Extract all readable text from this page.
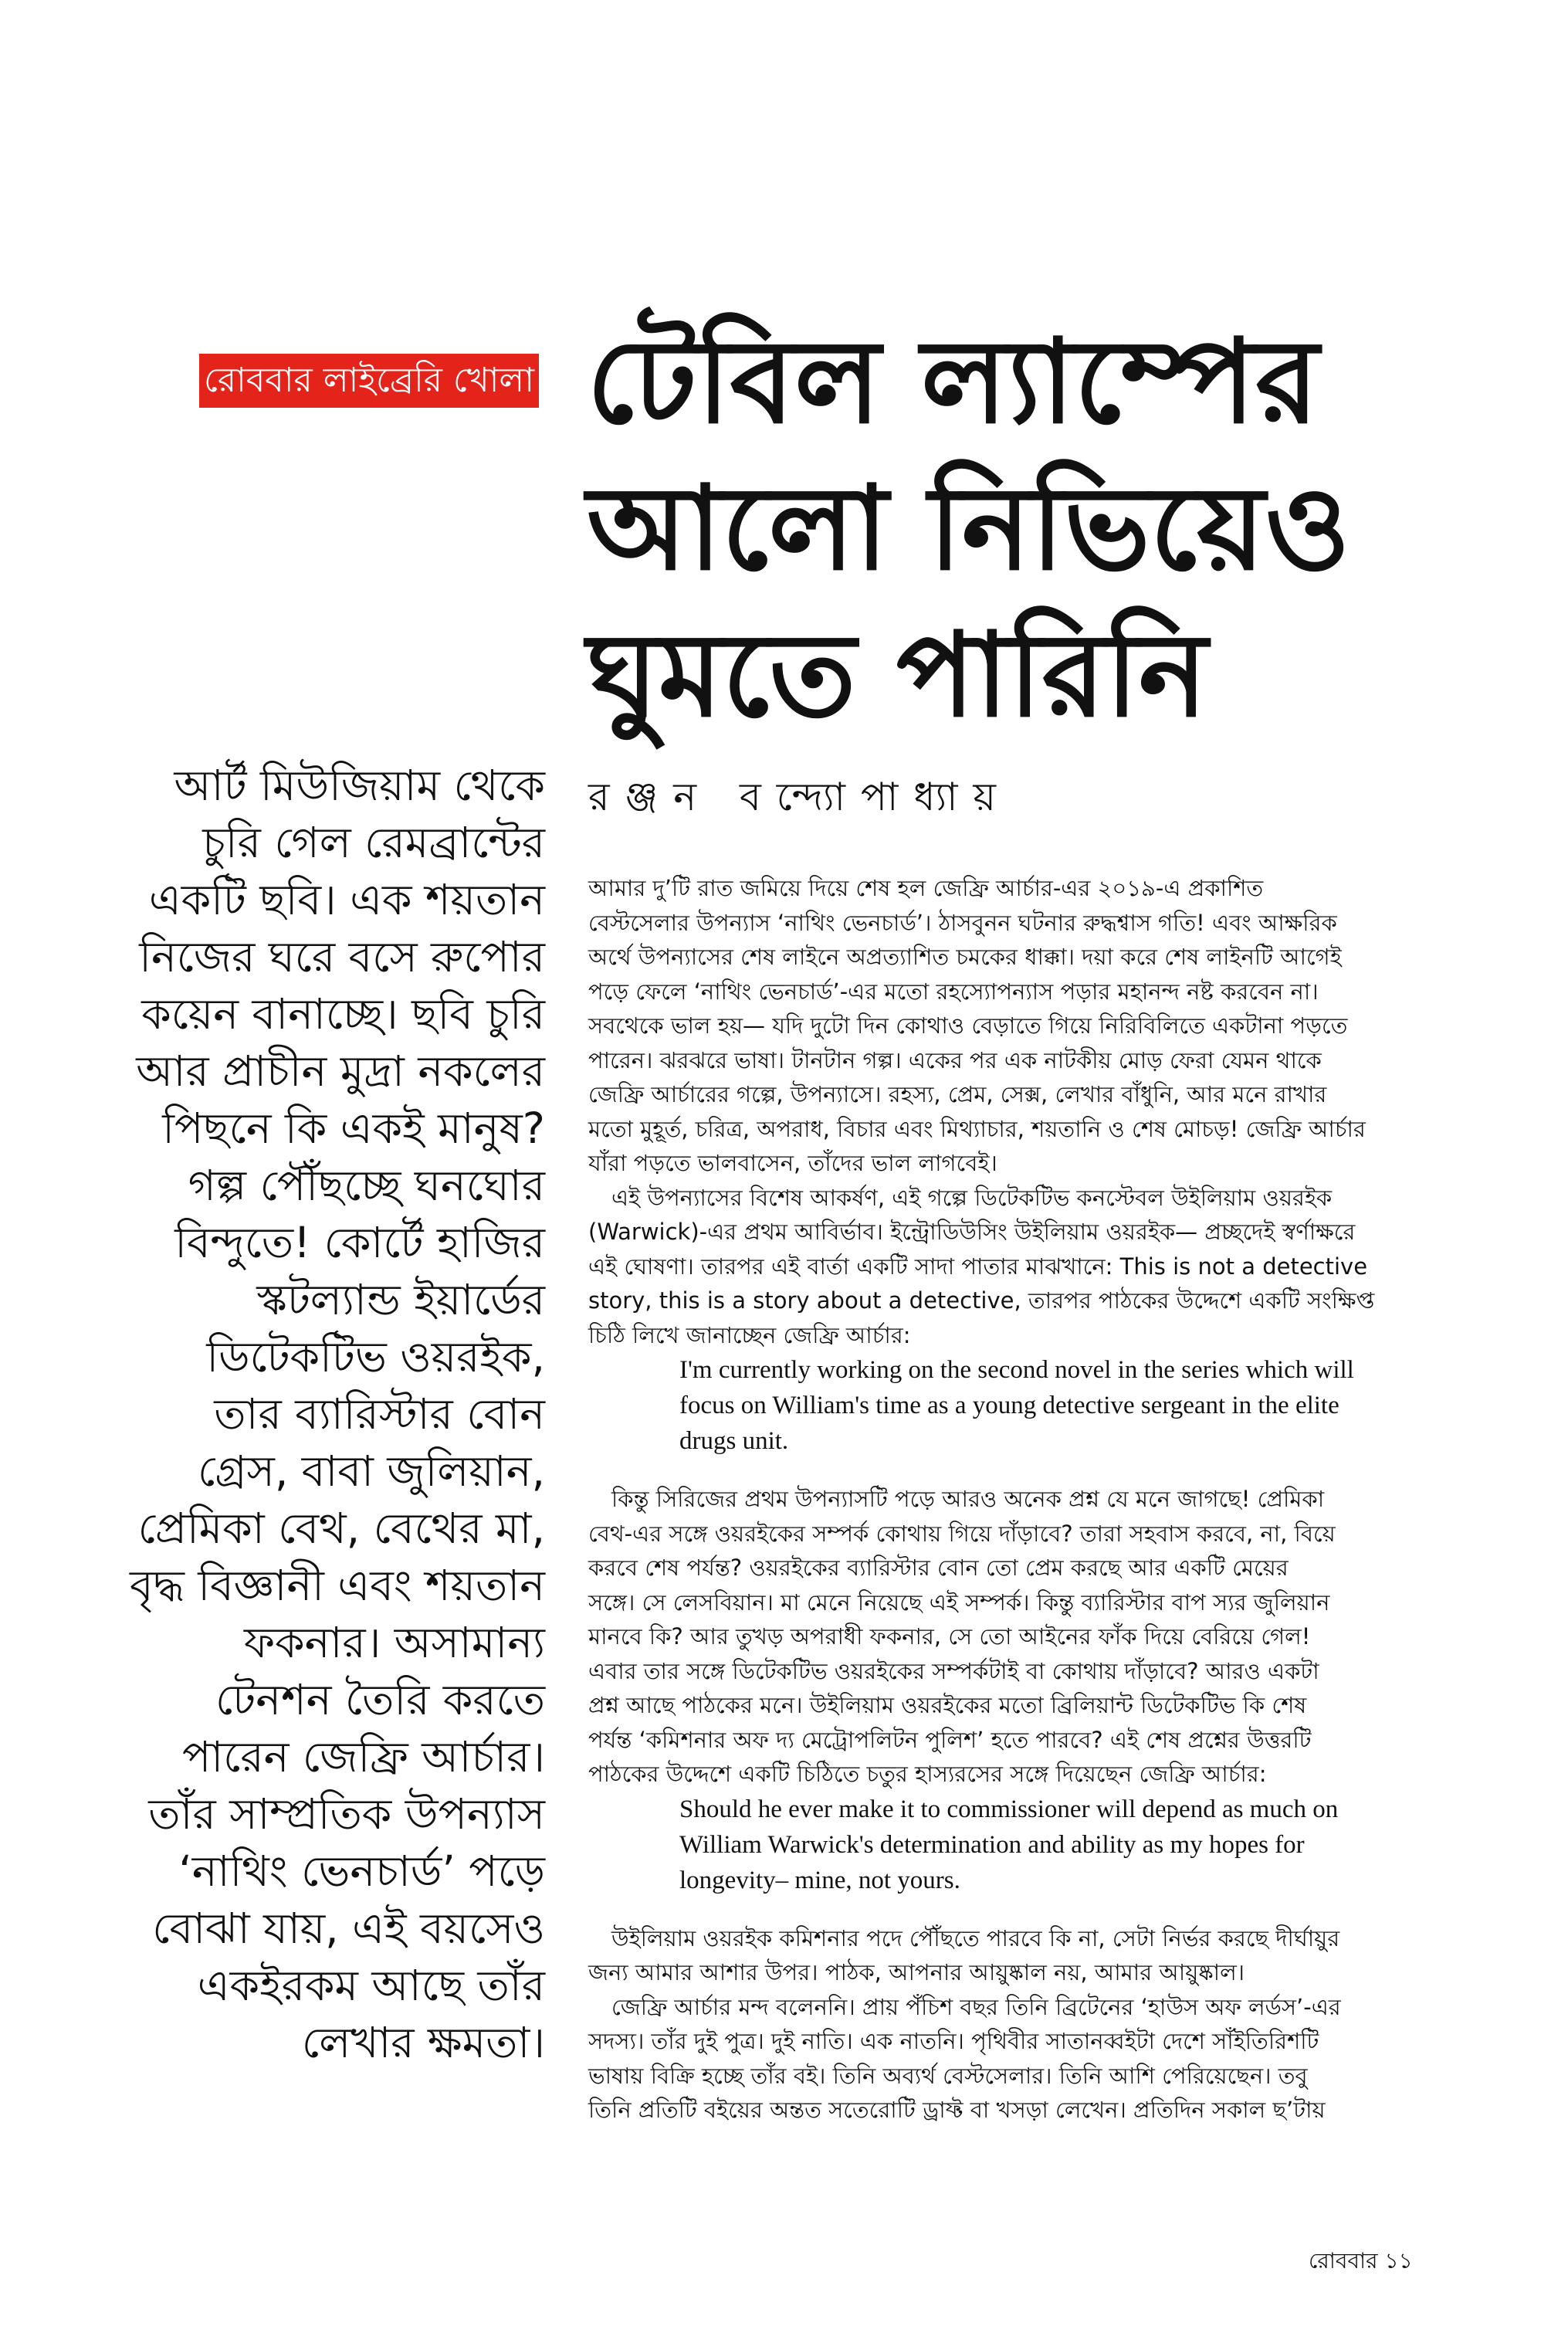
রোববার লাইব্রেরি খোলা টেবিল ল্যাম্পের
আলো নিভিয়েও
ঘুমতে পারিনি
রঞ্জন বন্দ্যোপাধ্যায়
আর্ট মিউজিয়াম থেকে
চুরি গেল রেমব্রান্টের
একটি ছবি। এক শয়তান
নিজের ঘরে বসে রুপোর
কয়েন বানাচ্ছে। ছবি চুরি
আর প্রাচীন মুদ্রা নকলের
পিছনে কি একই মানুষ?
গল্প পৌঁছচ্ছে ঘনঘোর
বিন্দুতে! কোর্টে হাজির
স্কটল্যান্ড ইয়ার্ডের
ডিটেকটিভ ওয়রইক,
তার ব্যারিস্টার বোন
গ্রেস, বাবা জুলিয়ান,
প্রেমিকা বেথ, বেথের মা,
বৃদ্ধ বিজ্ঞানী এবং শয়তান
ফকনার। অসামান্য
টেনশন তৈরি করতে
পারেন জেফ্রি আর্চার।
তাঁর সাম্প্রতিক উপন্যাস
‘নাথিং ভেনচার্ড’ পড়ে
বোঝা যায়, এই বয়সেও
একইরকম আছে তাঁর
লেখার ক্ষমতা।

আমার দু’টি রাত জমিয়ে দিয়ে শেষ হল জেফ্রি আর্চার-এর ২০১৯-এ প্রকাশিত
বেস্টসেলার উপন্যাস ‘নাথিং ভেনচার্ড’। ঠাসবুনন ঘটনার রুদ্ধশ্বাস গতি! এবং আক্ষরিক
অর্থে উপন্যাসের শেষ লাইনে অপ্রত্যাশিত চমকের ধাক্কা। দয়া করে শেষ লাইনটি আগেই
পড়ে ফেলে ‘নাথিং ভেনচার্ড’-এর মতো রহস্যোপন্যাস পড়ার মহানন্দ নষ্ট করবেন না।
সবথেকে ভাল হয়— যদি দুটো দিন কোথাও বেড়াতে গিয়ে নিরিবিলিতে একটানা পড়তে
পারেন। ঝরঝরে ভাষা। টানটান গল্প। একের পর এক নাটকীয় মোড় ফেরা যেমন থাকে
জেফ্রি আর্চারের গল্পে, উপন্যাসে। রহস্য, প্রেম, সেক্স, লেখার বাঁধুনি, আর মনে রাখার
মতো মুহূর্ত, চরিত্র, অপরাধ, বিচার এবং মিথ্যাচার, শয়তানি ও শেষ মোচড়! জেফ্রি আর্চার
যাঁরা পড়তে ভালবাসেন, তাঁদের ভাল লাগবেই।

এই উপন্যাসের বিশেষ আকর্ষণ, এই গল্পে ডিটেকটিভ কনস্টেবল উইলিয়াম ওয়রইক
(Warwick)-এর প্রথম আবির্ভাব। ইন্ট্রোডিউসিং উইলিয়াম ওয়রইক— প্রচ্ছদেই স্বর্ণাক্ষরে
এই ঘোষণা। তারপর এই বার্তা একটি সাদা পাতার মাঝখানে: This is not a detective
story, this is a story about a detective, তারপর পাঠকের উদ্দেশে একটি সংক্ষিপ্ত
চিঠি লিখে জানাচ্ছেন জেফ্রি আর্চার:

I'm currently working on the second novel in the series which will
focus on William's time as a young detective sergeant in the elite
drugs unit.

কিন্তু সিরিজের প্রথম উপন্যাসটি পড়ে আরও অনেক প্রশ্ন যে মনে জাগছে! প্রেমিকা
বেথ-এর সঙ্গে ওয়রইকের সম্পর্ক কোথায় গিয়ে দাঁড়াবে? তারা সহবাস করবে, না, বিয়ে
করবে শেষ পর্যন্ত? ওয়রইকের ব্যারিস্টার বোন তো প্রেম করছে আর একটি মেয়ের
সঙ্গে। সে লেসবিয়ান। মা মেনে নিয়েছে এই সম্পর্ক। কিন্তু ব্যারিস্টার বাপ স্যর জুলিয়ান
মানবে কি? আর তুখড় অপরাধী ফকনার, সে তো আইনের ফাঁক দিয়ে বেরিয়ে গেল!
এবার তার সঙ্গে ডিটেকটিভ ওয়রইকের সম্পর্কটাই বা কোথায় দাঁড়াবে? আরও একটা
প্রশ্ন আছে পাঠকের মনে। উইলিয়াম ওয়রইকের মতো ব্রিলিয়ান্ট ডিটেকটিভ কি শেষ
পর্যন্ত ‘কমিশনার অফ দ্য মেট্রোপলিটন পুলিশ’ হতে পারবে? এই শেষ প্রশ্নের উত্তরটি
পাঠকের উদ্দেশে একটি চিঠিতে চতুর হাস্যরসের সঙ্গে দিয়েছেন জেফ্রি আর্চার:

Should he ever make it to commissioner will depend as much on
William Warwick's determination and ability as my hopes for
longevity– mine, not yours.

উইলিয়াম ওয়রইক কমিশনার পদে পৌঁছতে পারবে কি না, সেটা নির্ভর করছে দীর্ঘায়ুর
জন্য আমার আশার উপর। পাঠক, আপনার আয়ুষ্কাল নয়, আমার আয়ুষ্কাল।

জেফ্রি আর্চার মন্দ বলেননি। প্রায় পঁচিশ বছর তিনি ব্রিটেনের ‘হাউস অফ লর্ডস’-এর
সদস্য। তাঁর দুই পুত্র। দুই নাতি। এক নাতনি। পৃথিবীর সাতানব্বইটা দেশে সাঁইতিরিশটি
ভাষায় বিক্রি হচ্ছে তাঁর বই। তিনি অব্যর্থ বেস্টসেলার। তিনি আশি পেরিয়েছেন। তবু
তিনি প্রতিটি বইয়ের অন্তত সতেরোটি ড্রাফ্ট বা খসড়া লেখেন। প্রতিদিন সকাল ছ’টায়

রোববার ১১
